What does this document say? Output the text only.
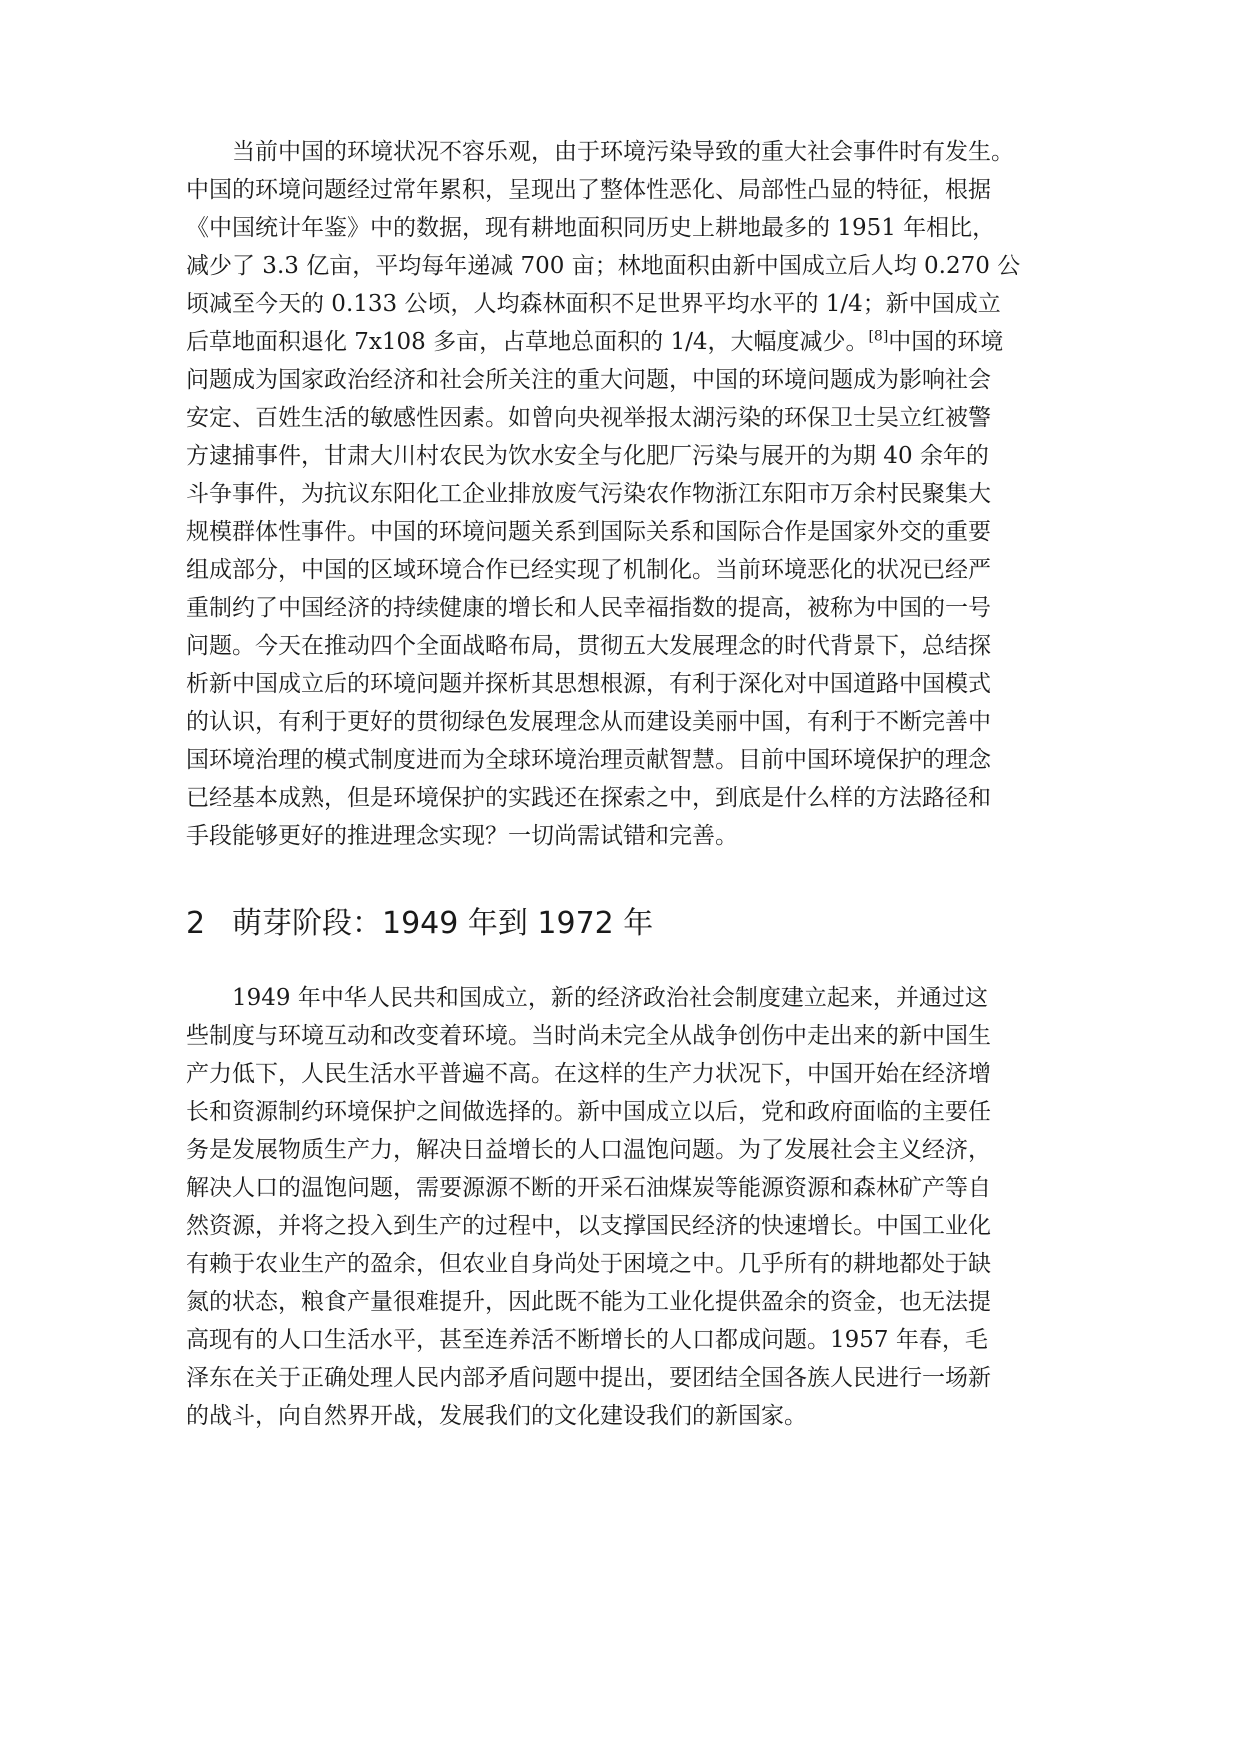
当前中国的环境状况不容乐观，由于环境污染导致的重大社会事件时有发生。
中国的环境问题经过常年累积，呈现出了整体性恶化、局部性凸显的特征，根据
《中国统计年鉴》中的数据，现有耕地面积同历史上耕地最多的 1951 年相比，
减少了 3.3 亿亩，平均每年递减 700 亩；林地面积由新中国成立后人均 0.270 公
顷减至今天的 0.133 公顷，人均森林面积不足世界平均水平的 1/4；新中国成立
后草地面积退化 7x108 多亩，占草地总面积的 1/4，大幅度减少。[8]中国的环境
问题成为国家政治经济和社会所关注的重大问题，中国的环境问题成为影响社会
安定、百姓生活的敏感性因素。如曾向央视举报太湖污染的环保卫士吴立红被警
方逮捕事件，甘肃大川村农民为饮水安全与化肥厂污染与展开的为期 40 余年的
斗争事件，为抗议东阳化工企业排放废气污染农作物浙江东阳市万余村民聚集大
规模群体性事件。中国的环境问题关系到国际关系和国际合作是国家外交的重要
组成部分，中国的区域环境合作已经实现了机制化。当前环境恶化的状况已经严
重制约了中国经济的持续健康的增长和人民幸福指数的提高，被称为中国的一号
问题。今天在推动四个全面战略布局，贯彻五大发展理念的时代背景下，总结探
析新中国成立后的环境问题并探析其思想根源，有利于深化对中国道路中国模式
的认识，有利于更好的贯彻绿色发展理念从而建设美丽中国，有利于不断完善中
国环境治理的模式制度进而为全球环境治理贡献智慧。目前中国环境保护的理念
已经基本成熟，但是环境保护的实践还在探索之中，到底是什么样的方法路径和
手段能够更好的推进理念实现？一切尚需试错和完善。
2 萌芽阶段：1949 年到 1972 年
1949 年中华人民共和国成立，新的经济政治社会制度建立起来，并通过这
些制度与环境互动和改变着环境。当时尚未完全从战争创伤中走出来的新中国生
产力低下，人民生活水平普遍不高。在这样的生产力状况下，中国开始在经济增
长和资源制约环境保护之间做选择的。新中国成立以后，党和政府面临的主要任
务是发展物质生产力，解决日益增长的人口温饱问题。为了发展社会主义经济，
解决人口的温饱问题，需要源源不断的开采石油煤炭等能源资源和森林矿产等自
然资源，并将之投入到生产的过程中，以支撑国民经济的快速增长。中国工业化
有赖于农业生产的盈余，但农业自身尚处于困境之中。几乎所有的耕地都处于缺
氮的状态，粮食产量很难提升，因此既不能为工业化提供盈余的资金，也无法提
高现有的人口生活水平，甚至连养活不断增长的人口都成问题。1957 年春，毛
泽东在关于正确处理人民内部矛盾问题中提出，要团结全国各族人民进行一场新
的战斗，向自然界开战，发展我们的文化建设我们的新国家。
